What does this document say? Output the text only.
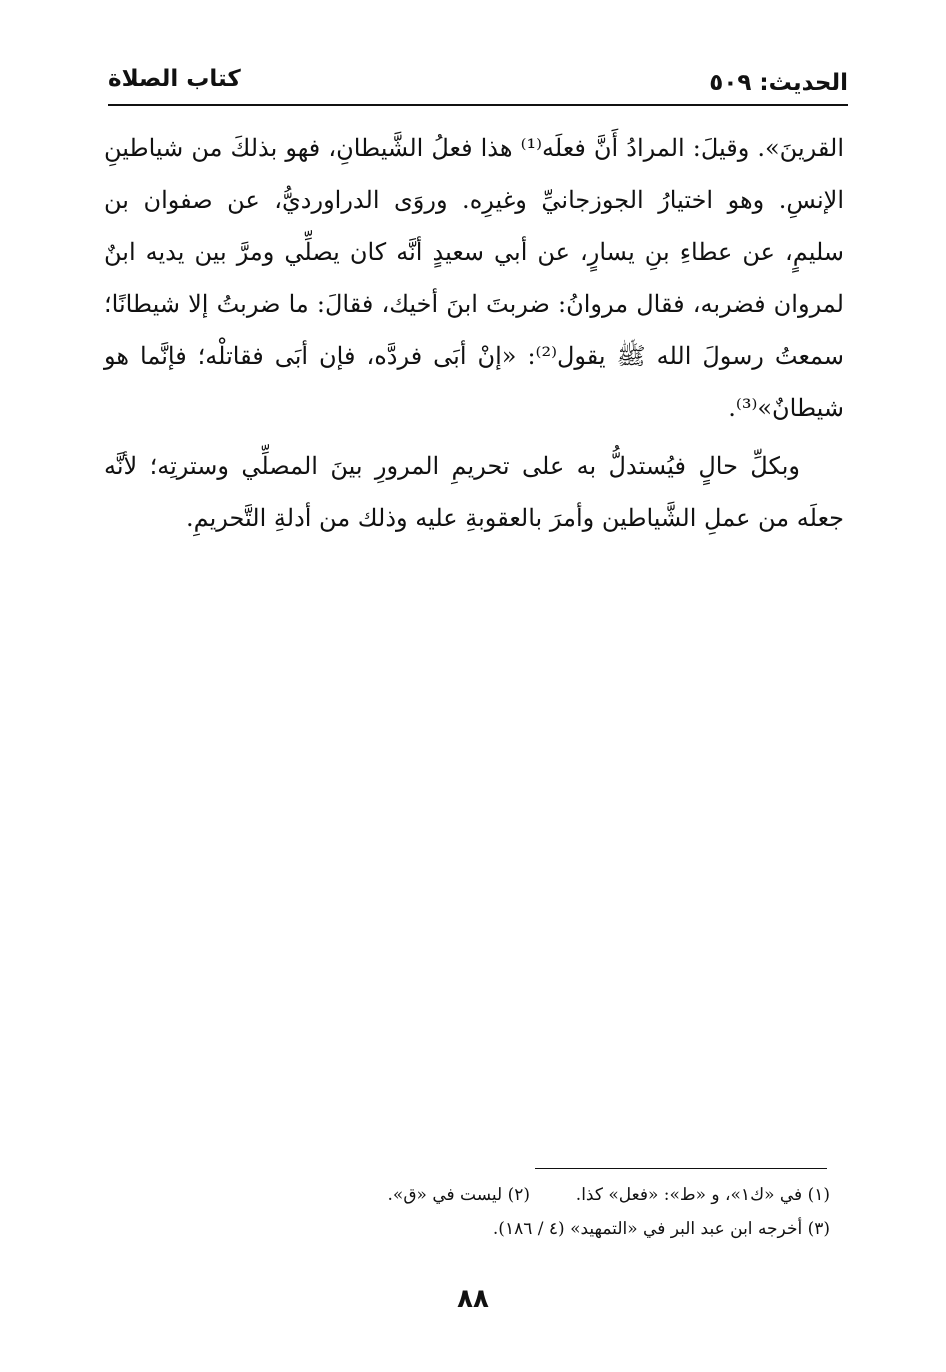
الحديث: ٥٠٩
كتاب الصلاة

القرينَ». وقيلَ: المرادُ أَنَّ فعلَه⁽¹⁾ هذا فعلُ الشَّيطانِ، فهو بذلكَ من شياطينِ الإنسِ. وهو اختيارُ الجوزجانيِّ وغيرِه. وروَى الدراورديُّ، عن صفوان بن سليمٍ، عن عطاءِ بنِ يسارٍ، عن أبي سعيدٍ أنَّه كان يصلِّي ومرَّ بين يديه ابنٌ لمروان فضربه، فقال مروانُ: ضربتَ ابنَ أخيك، فقالَ: ما ضربتُ إلا شيطانًا؛ سمعتُ رسولَ الله ﷺ يقول⁽²⁾: «إنْ أبَى فردَّه، فإن أبَى فقاتلْه؛ فإنَّما هو شيطانٌ»⁽³⁾.

وبكلِّ حالٍ فيُستدلُّ به على تحريمِ المرورِ بينَ المصلِّي وسترتِه؛ لأنَّه جعلَه من عملِ الشَّياطين وأمرَ بالعقوبةِ عليه وذلك من أدلةِ التَّحريمِ.

(١) في «ك١»، و «ط»: «فعل» كذا.
(٢) ليست في «ق».
(٣) أخرجه ابن عبد البر في «التمهيد» (٤ / ١٨٦).
٨٨
